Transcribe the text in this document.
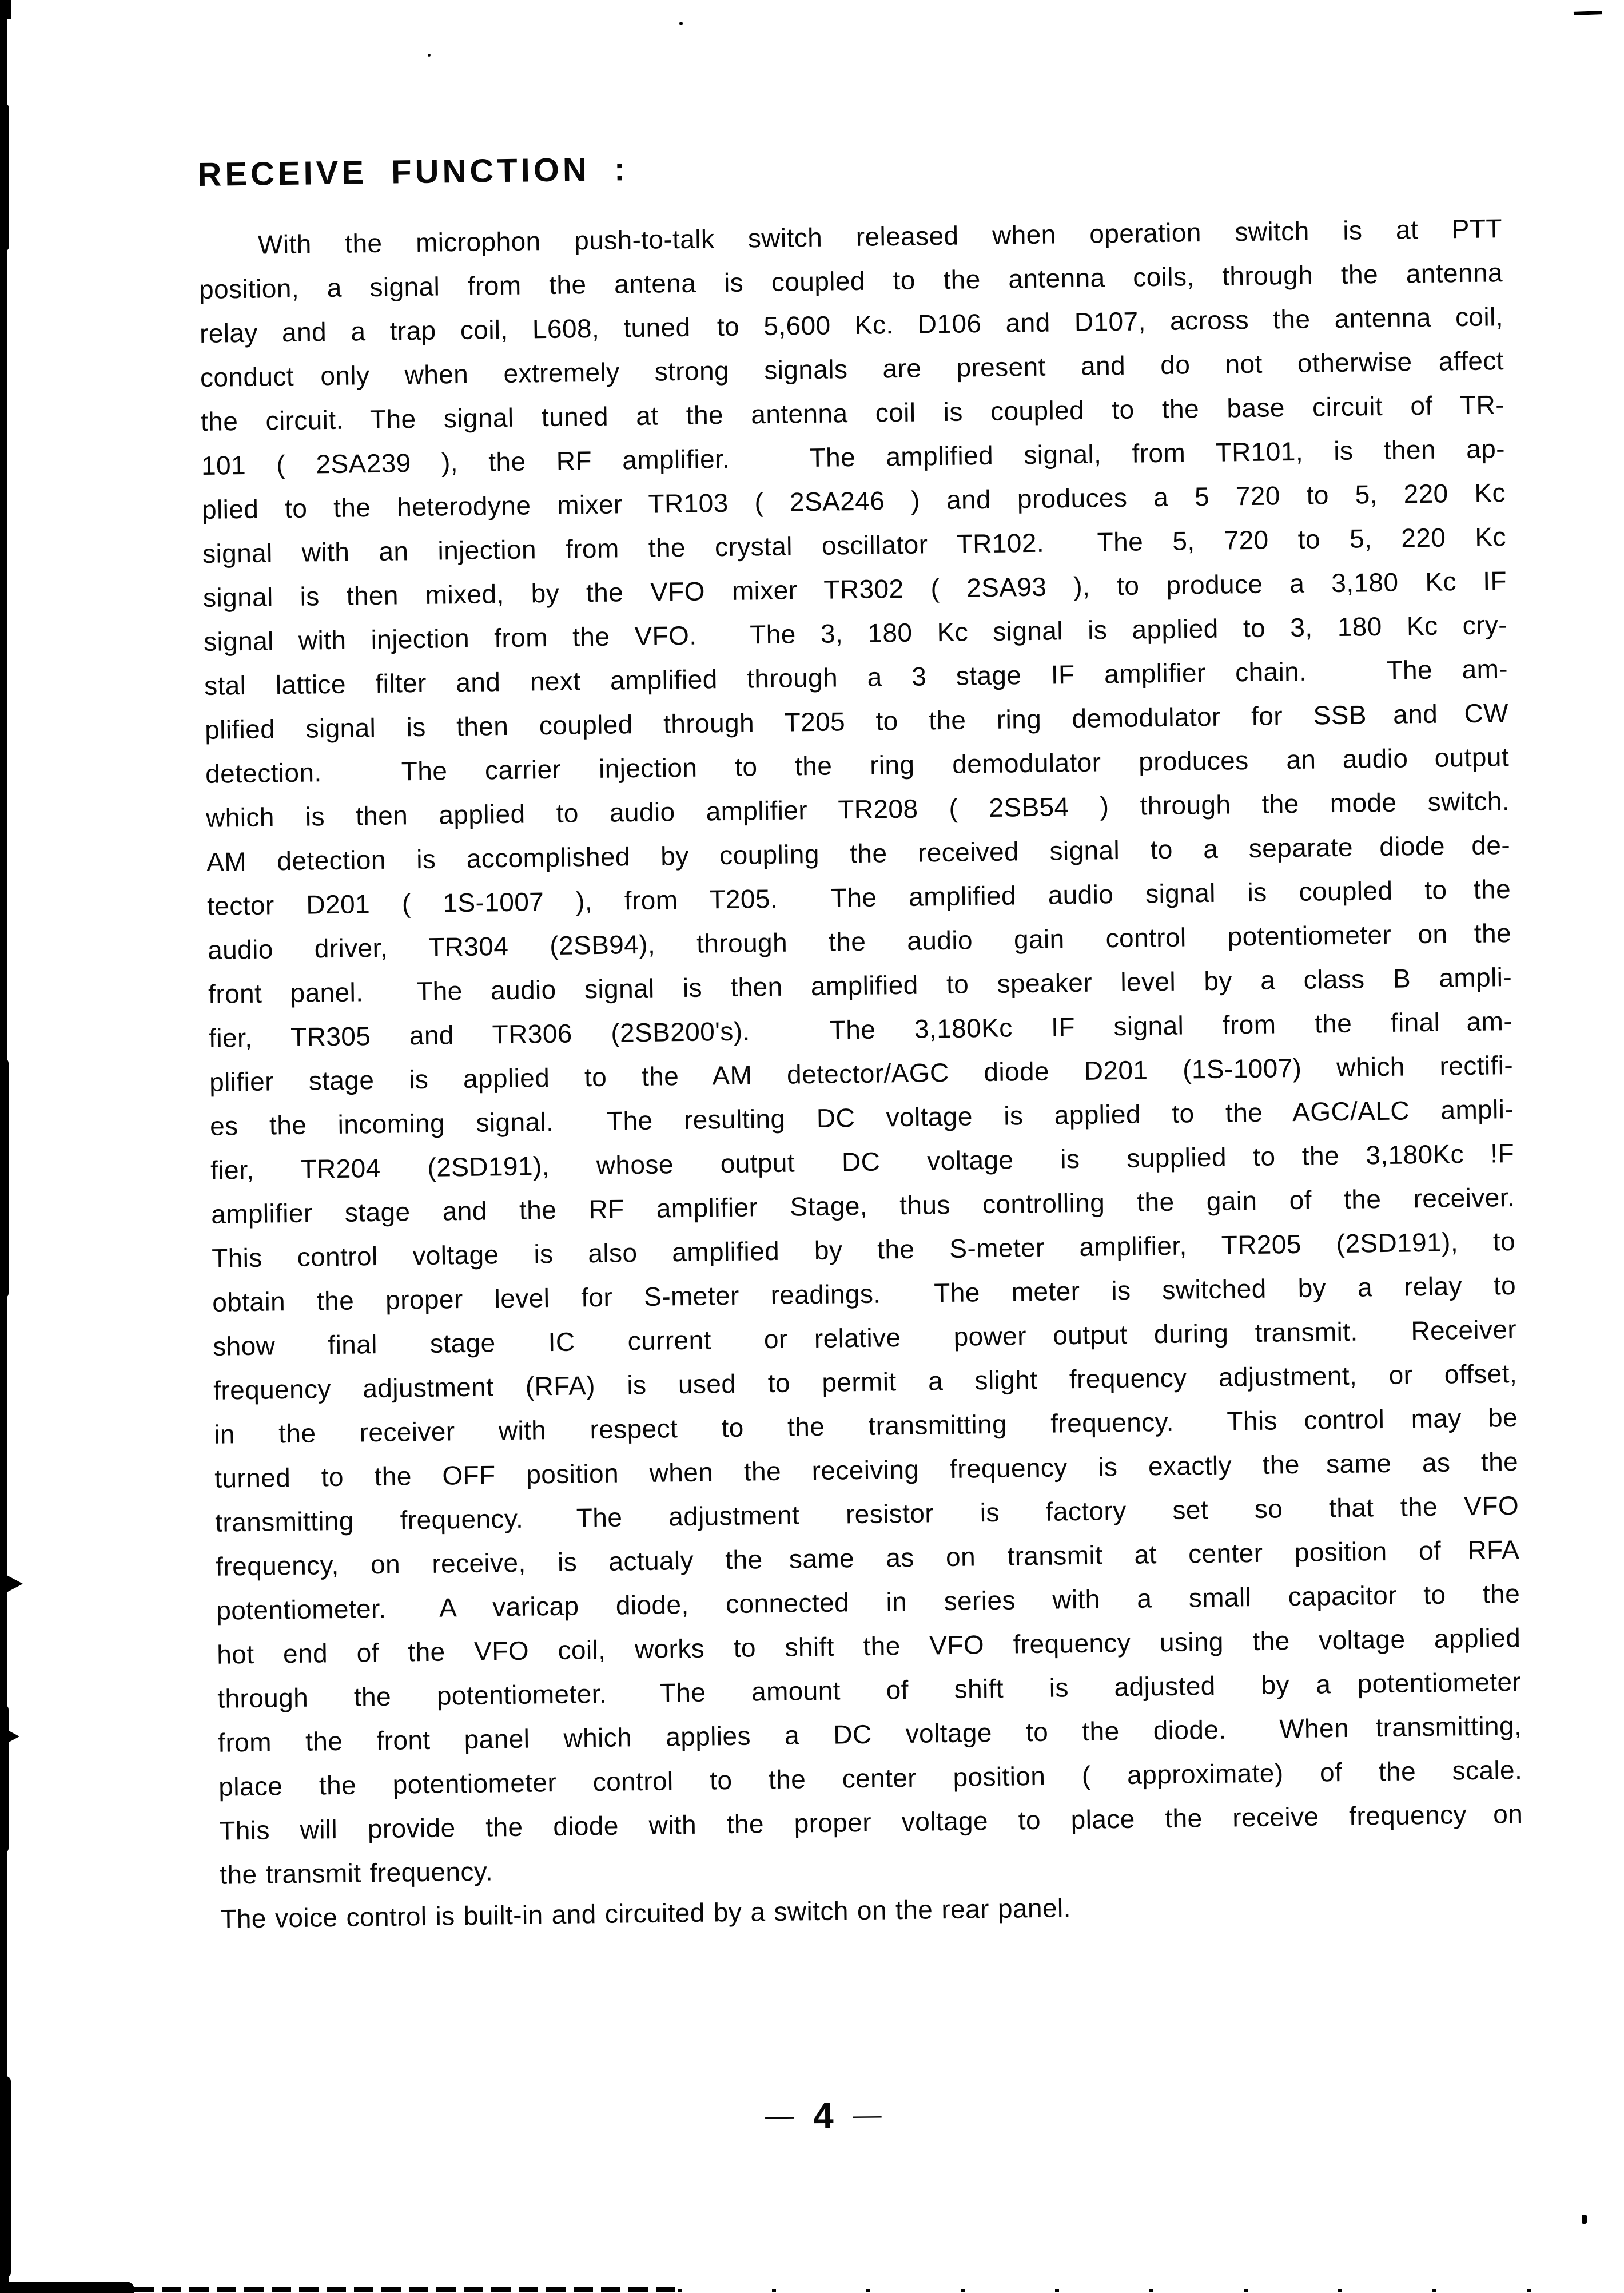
RECEIVE FUNCTION :
With the microphon push-to-talk switch released when operation switch is at PTT
position, a signal from the antena is coupled to the antenna coils, through the antenna
relay and a trap coil, L608, tuned to 5,600 Kc. D106 and D107, across the antenna coil,
conduct only when extremely strong signals are present and do not otherwise affect
the circuit. The signal tuned at the antenna coil is coupled to the base circuit of TR-
101 ( 2SA239 ), the RF amplifier.   The amplified signal, from TR101, is then ap-
plied to the heterodyne mixer TR103 ( 2SA246 ) and produces a 5 720 to 5, 220 Kc
signal with an injection from the crystal oscillator TR102.  The 5, 720 to 5, 220 Kc
signal is then mixed, by the VFO mixer TR302 ( 2SA93 ), to produce a 3,180 Kc IF
signal with injection from the VFO.  The 3, 180 Kc signal is applied to 3, 180 Kc cry-
stal lattice filter and next amplified through a 3 stage IF amplifier chain.   The am-
plified signal is then coupled through T205 to the ring demodulator for SSB and CW
detection.   The carrier injection to the ring demodulator produces an audio output
which is then applied to audio amplifier TR208 ( 2SB54 ) through the mode switch.
AM detection is accomplished by coupling the received signal to a separate diode de-
tector D201 ( 1S-1007 ), from T205.  The amplified audio signal is coupled to the
audio driver, TR304 (2SB94), through the audio gain control potentiometer on the
front panel.  The audio signal is then amplified to speaker level by a class B ampli-
fier, TR305 and TR306 (2SB200's).   The 3,180Kc IF signal from the final am-
plifier stage is applied to the AM detector/AGC diode D201 (1S-1007) which rectifi-
es the incoming signal.  The resulting DC voltage is applied to the AGC/ALC ampli-
fier, TR204 (2SD191), whose output DC voltage is supplied to the 3,180Kc !F
amplifier stage and the RF amplifier Stage, thus controlling the gain of the receiver.
This control voltage is also amplified by the S-meter amplifier, TR205 (2SD191), to
obtain the proper level for S-meter readings.  The meter is switched by a relay to
show final stage IC current or relative power output during transmit.  Receiver
frequency adjustment (RFA) is used to permit a slight frequency adjustment, or offset,
in the receiver with respect to the transmitting frequency.  This control may be
turned to the OFF position when the receiving frequency is exactly the same as the
transmitting frequency.  The adjustment resistor is factory set so that the VFO
frequency, on receive, is actualy the same as on transmit at center position of RFA
potentiometer.  A varicap diode, connected in series with a small capacitor to the
hot end of the VFO coil, works to shift the VFO frequency using the voltage applied
through the potentiometer.  The amount of shift is adjusted by a potentiometer
from the front panel which applies a DC voltage to the diode.  When transmitting,
place the potentiometer control to the center position ( approximate) of the scale.
This will provide the diode with the proper voltage to place the receive frequency on
the transmit frequency.
The voice control is built-in and circuited by a switch on the rear panel.
— 4 —
